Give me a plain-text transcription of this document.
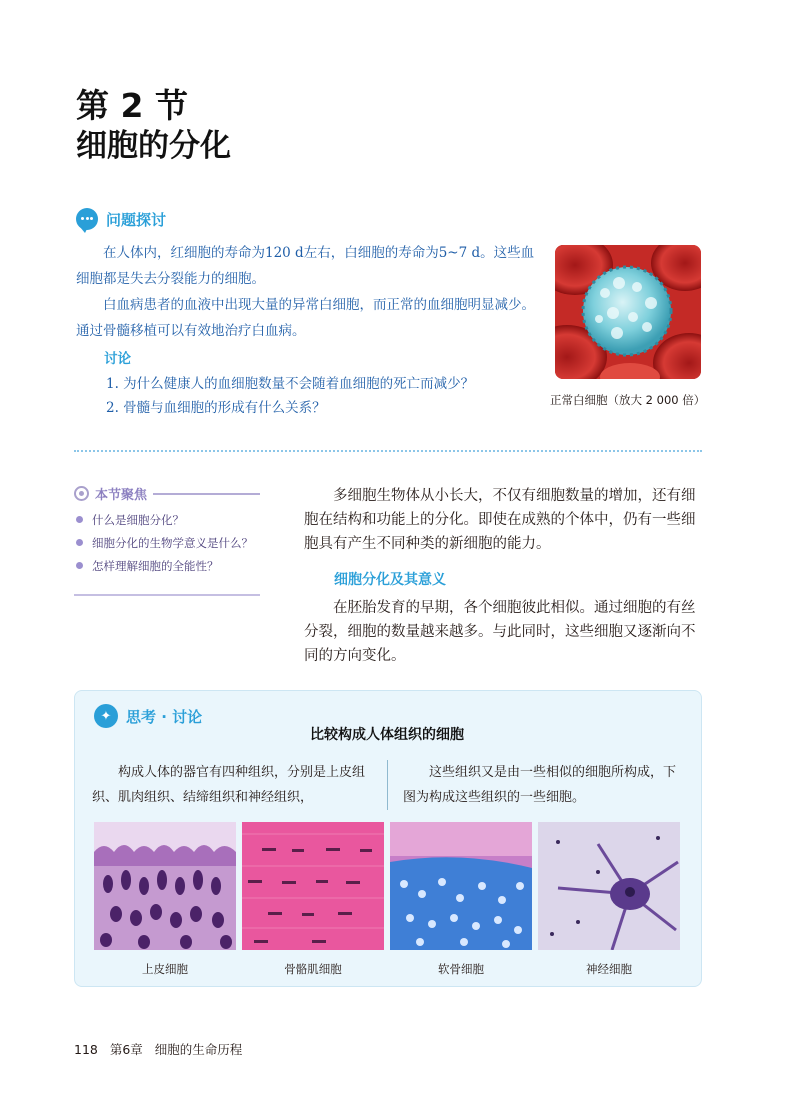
第 2 节
细胞的分化
问题探讨

在人体内，红细胞的寿命为120 d左右，白细胞的寿命为5~7 d。这些血细胞都是失去分裂能力的细胞。

白血病患者的血液中出现大量的异常白细胞，而正常的血细胞明显减少。通过骨髓移植可以有效地治疗白血病。

讨论

1. 为什么健康人的血细胞数量不会随着血细胞的死亡而减少？

2. 骨髓与血细胞的形成有什么关系？	正常白细胞（放大 2 000 倍）
本节聚焦
什么是细胞分化？
细胞分化的生物学意义是什么？
怎样理解细胞的全能性？

多细胞生物体从小长大，不仅有细胞数量的增加，还有细胞在结构和功能上的分化。即使在成熟的个体中，仍有一些细胞具有产生不同种类的新细胞的能力。

细胞分化及其意义

在胚胎发育的早期，各个细胞彼此相似。通过细胞的有丝分裂，细胞的数量越来越多。与此同时，这些细胞又逐渐向不同的方向变化。

✦ 思考 · 讨论
比较构成人体组织的细胞

构成人体的器官有四种组织，分别是上皮组织、肌肉组织、结缔组织和神经组织，

这些组织又是由一些相似的细胞所构成，下图为构成这些组织的一些细胞。

上皮细胞	骨骼肌细胞	软骨细胞	神经细胞
118 第6章 细胞的生命历程
